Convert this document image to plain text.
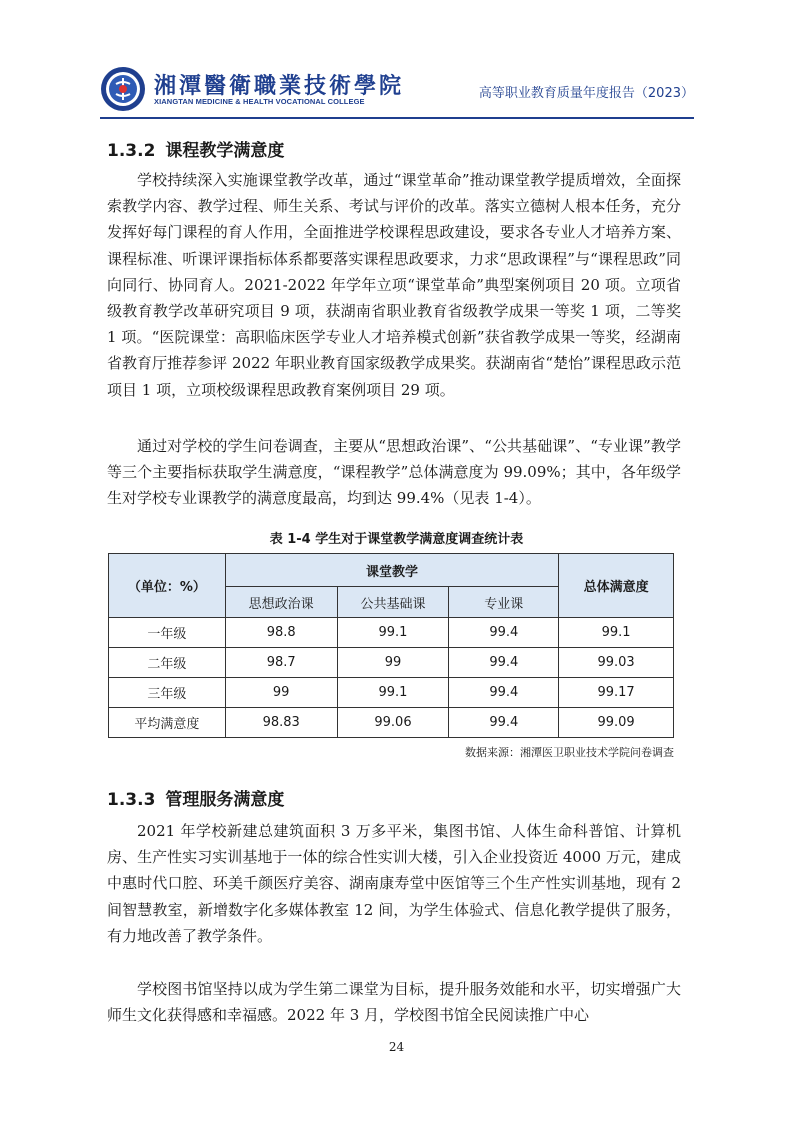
湘潭醫衛職業技術學院
XIANGTAN MEDICINE & HEALTH VOCATIONAL COLLEGE
高等职业教育质量年度报告（2023）
1.3.2 课程教学满意度

学校持续深入实施课堂教学改革，通过“课堂革命”推动课堂教学提质增效，全面探索教学内容、教学过程、师生关系、考试与评价的改革。落实立德树人根本任务，充分发挥好每门课程的育人作用，全面推进学校课程思政建设，要求各专业人才培养方案、课程标准、听课评课指标体系都要落实课程思政要求，力求“思政课程”与“课程思政”同向同行、协同育人。2021-2022 年学年立项“课堂革命”典型案例项目 20 项。立项省级教育教学改革研究项目 9 项，获湖南省职业教育省级教学成果一等奖 1 项，二等奖 1 项。“医院课堂：高职临床医学专业人才培养模式创新”获省教学成果一等奖，经湖南省教育厅推荐参评 2022 年职业教育国家级教学成果奖。获湖南省“楚怡”课程思政示范项目 1 项，立项校级课程思政教育案例项目 29 项。

通过对学校的学生问卷调查，主要从“思想政治课”、“公共基础课”、“专业课”教学等三个主要指标获取学生满意度，“课程教学”总体满意度为 99.09%；其中，各年级学生对学校专业课教学的满意度最高，均到达 99.4%（见表 1-4）。

表 1-4 学生对于课堂教学满意度调查统计表
（单位：%）	课堂教学			总体满意度
	思想政治课	公共基础课	专业课	
一年级	98.8	99.1	99.4	99.1
二年级	98.7	99	99.4	99.03
三年级	99	99.1	99.4	99.17
平均满意度	98.83	99.06	99.4	99.09
数据来源：湘潭医卫职业技术学院问卷调查
1.3.3 管理服务满意度

2021 年学校新建总建筑面积 3 万多平米，集图书馆、人体生命科普馆、计算机房、生产性实习实训基地于一体的综合性实训大楼，引入企业投资近 4000 万元，建成中惠时代口腔、环美千颜医疗美容、湖南康寿堂中医馆等三个生产性实训基地，现有 2 间智慧教室，新增数字化多媒体教室 12 间，为学生体验式、信息化教学提供了服务，有力地改善了教学条件。

学校图书馆坚持以成为学生第二课堂为目标，提升服务效能和水平，切实增强广大师生文化获得感和幸福感。2022 年 3 月，学校图书馆全民阅读推广中心

24
